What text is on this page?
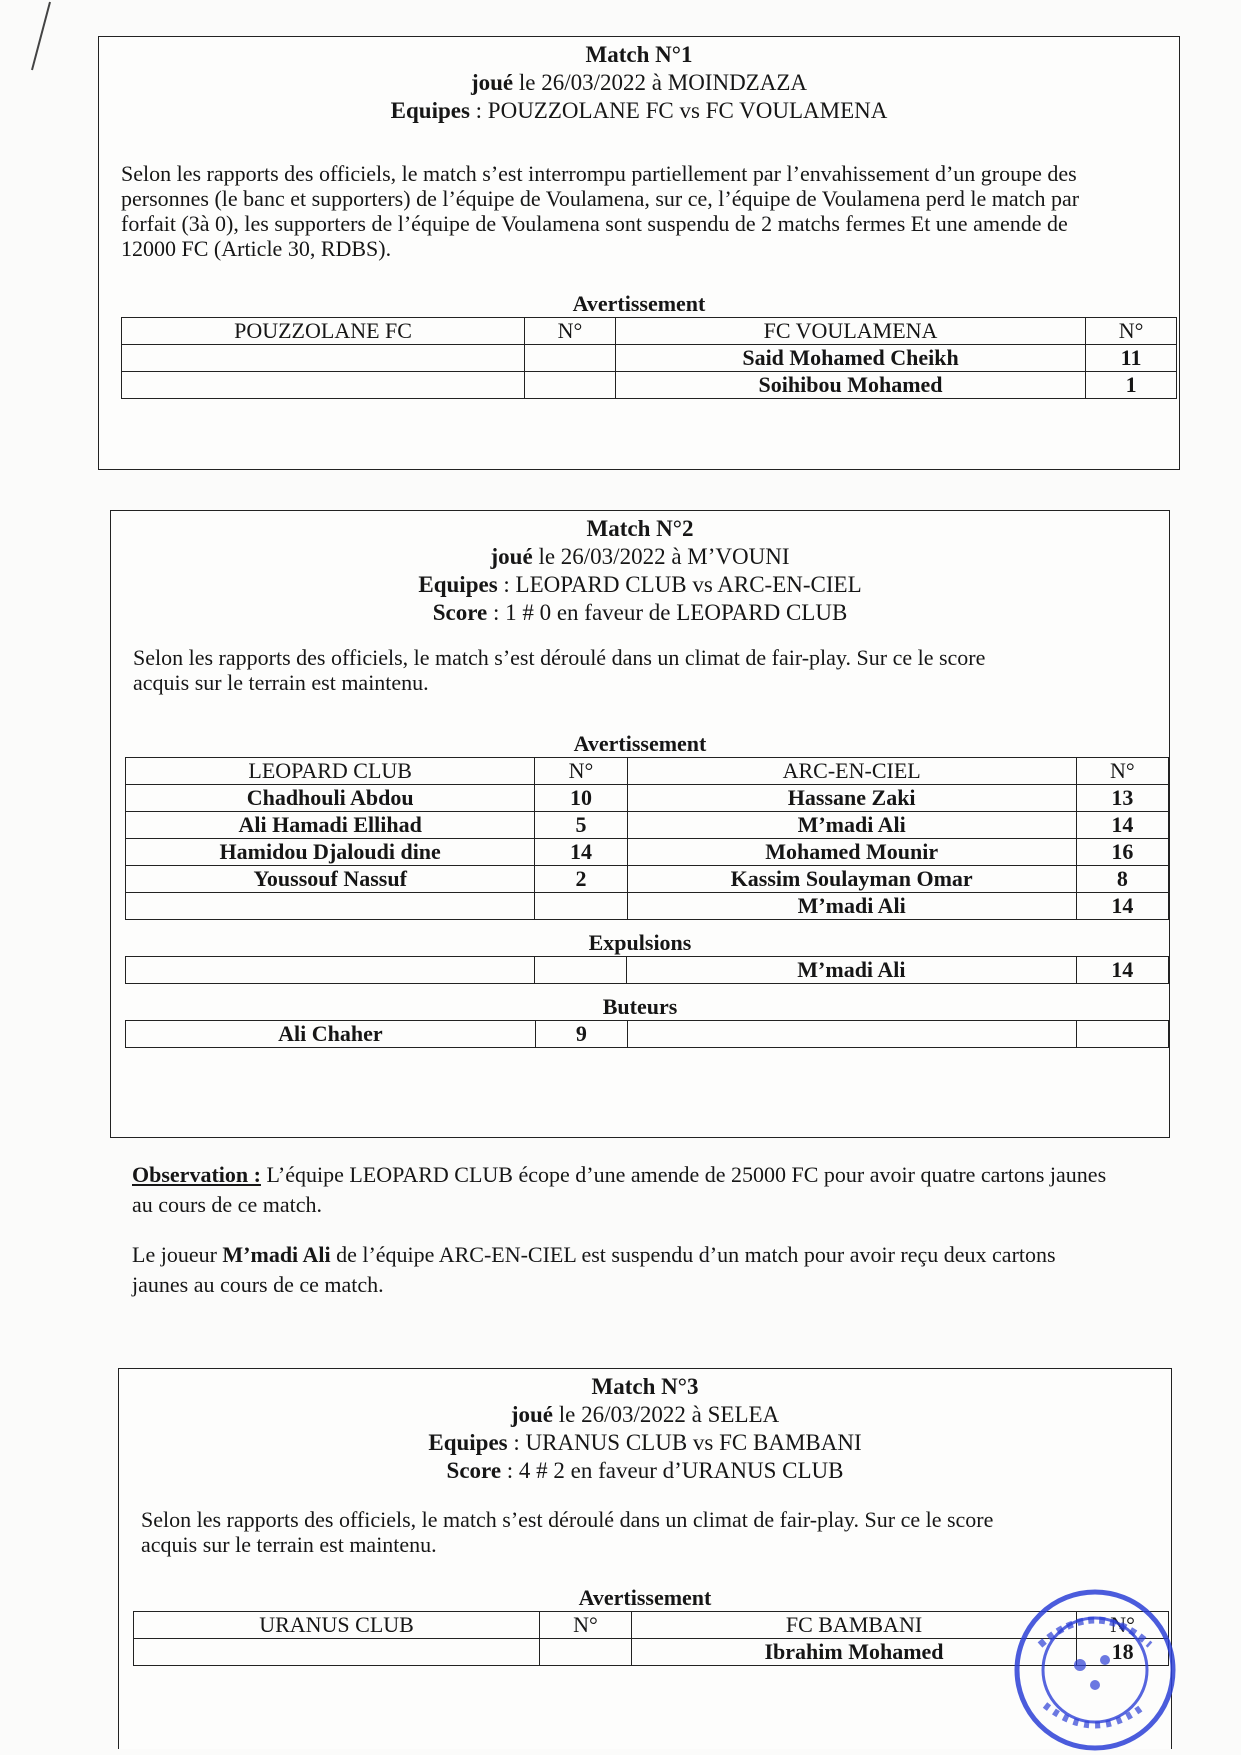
Match N°1
joué le 26/03/2022 à MOINDZAZA
Equipes : POUZZOLANE FC vs FC VOULAMENA
Selon les rapports des officiels, le match s’est interrompu partiellement par l’envahissement d’un groupe des personnes (le banc et supporters) de l’équipe de Voulamena, sur ce, l’équipe de Voulamena perd le match par forfait (3à 0), les supporters de l’équipe de Voulamena sont suspendu de 2 matchs fermes Et une amende de 12000 FC (Article 30, RDBS).
Avertissement
POUZZOLANE FC	N°	FC VOULAMENA	N°
		Said Mohamed Cheikh	11
		Soihibou Mohamed	1
Match N°2
joué le 26/03/2022 à M’VOUNI
Equipes : LEOPARD CLUB vs ARC-EN-CIEL
Score : 1 # 0 en faveur de LEOPARD CLUB
Selon les rapports des officiels, le match s’est déroulé dans un climat de fair-play. Sur ce le score acquis sur le terrain est maintenu.
Avertissement
LEOPARD CLUB	N°	ARC-EN-CIEL	N°
Chadhouli Abdou	10	Hassane Zaki	13
Ali Hamadi Ellihad	5	M’madi Ali	14
Hamidou Djaloudi dine	14	Mohamed Mounir	16
Youssouf Nassuf	2	Kassim Soulayman Omar	8
		M’madi Ali	14
Expulsions
		M’madi Ali	14
Buteurs
Ali Chaher	9		
Observation : L’équipe LEOPARD CLUB écope d’une amende de 25000 FC pour avoir quatre cartons jaunes au cours de ce match.
Le joueur M’madi Ali de l’équipe ARC-EN-CIEL est suspendu d’un match pour avoir reçu deux cartons jaunes au cours de ce match.
Match N°3
joué le 26/03/2022 à SELEA
Equipes : URANUS CLUB vs FC BAMBANI
Score : 4 # 2 en faveur d’URANUS CLUB
Selon les rapports des officiels, le match s’est déroulé dans un climat de fair-play. Sur ce le score acquis sur le terrain est maintenu.
Avertissement
URANUS CLUB	N°	FC BAMBANI	N°
		Ibrahim Mohamed	18
